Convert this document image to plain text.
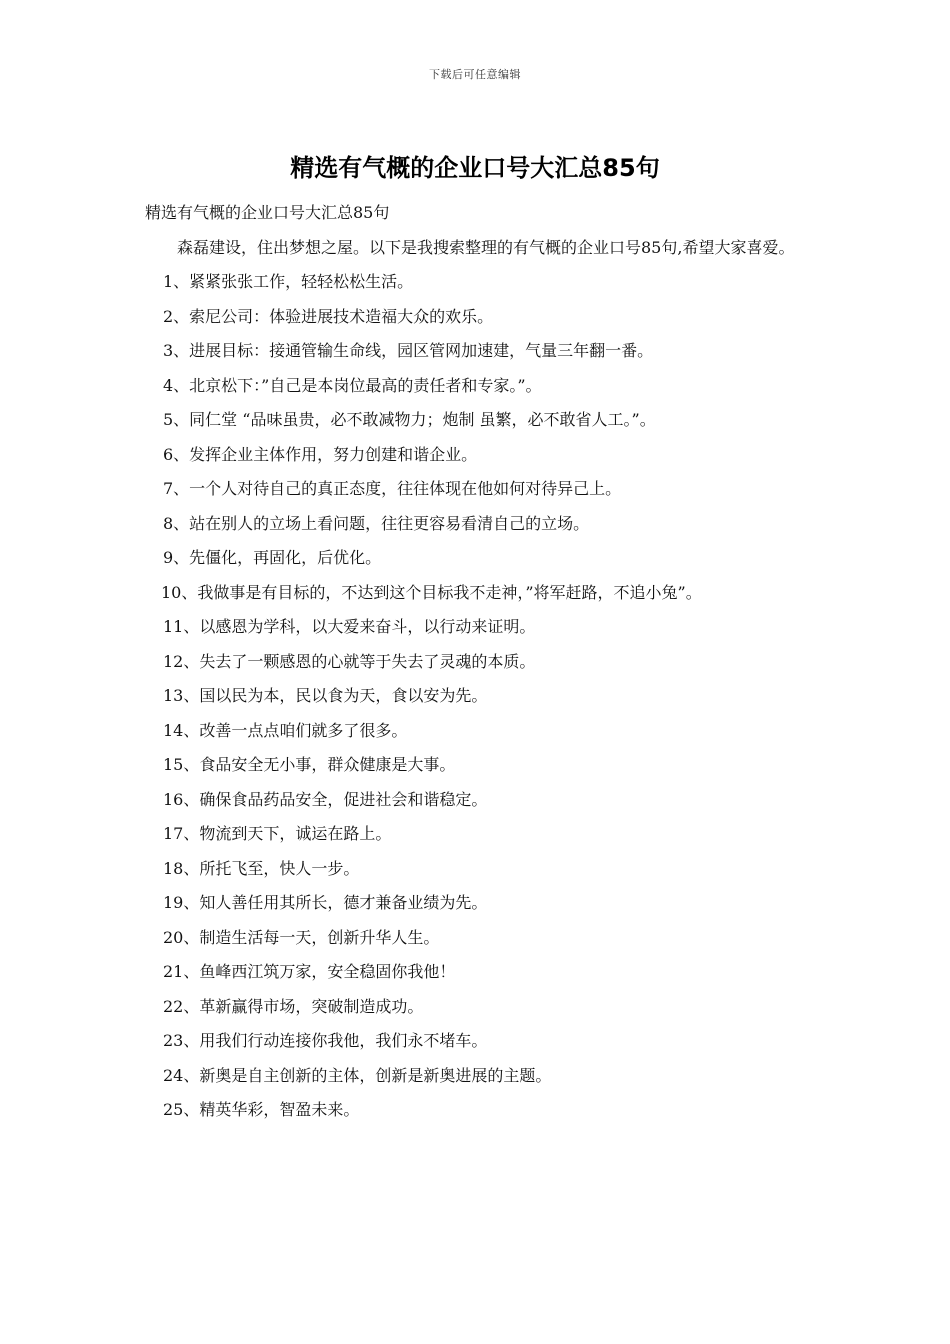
下载后可任意编辑
精选有气概的企业口号大汇总85句

精选有气概的企业口号大汇总85句

森磊建设，住出梦想之屋。以下是我搜索整理的有气概的企业口号85句,希望大家喜爱。

1、紧紧张张工作，轻轻松松生活。

2、索尼公司：体验进展技术造福大众的欢乐。

3、进展目标：接通管输生命线，园区管网加速建，气量三年翻一番。

4、北京松下：”自己是本岗位最高的责任者和专家。”。

5、同仁堂 “品味虽贵，必不敢减物力；炮制 虽繁，必不敢省人工。”。

6、发挥企业主体作用，努力创建和谐企业。

7、一个人对待自己的真正态度，往往体现在他如何对待异己上。

8、站在别人的立场上看问题，往往更容易看清自己的立场。

9、先僵化，再固化，后优化。

10、我做事是有目标的，不达到这个目标我不走神，”将军赶路，不追小兔”。

11、以感恩为学科，以大爱来奋斗，以行动来证明。

12、失去了一颗感恩的心就等于失去了灵魂的本质。

13、国以民为本，民以食为天，食以安为先。

14、改善一点点咱们就多了很多。

15、食品安全无小事，群众健康是大事。

16、确保食品药品安全，促进社会和谐稳定。

17、物流到天下，诚运在路上。

18、所托飞至，快人一步。

19、知人善任用其所长，德才兼备业绩为先。

20、制造生活每一天，创新升华人生。

21、鱼峰西江筑万家，安全稳固你我他！

22、革新赢得市场，突破制造成功。

23、用我们行动连接你我他，我们永不堵车。

24、新奥是自主创新的主体，创新是新奥进展的主题。

25、精英华彩，智盈未来。
